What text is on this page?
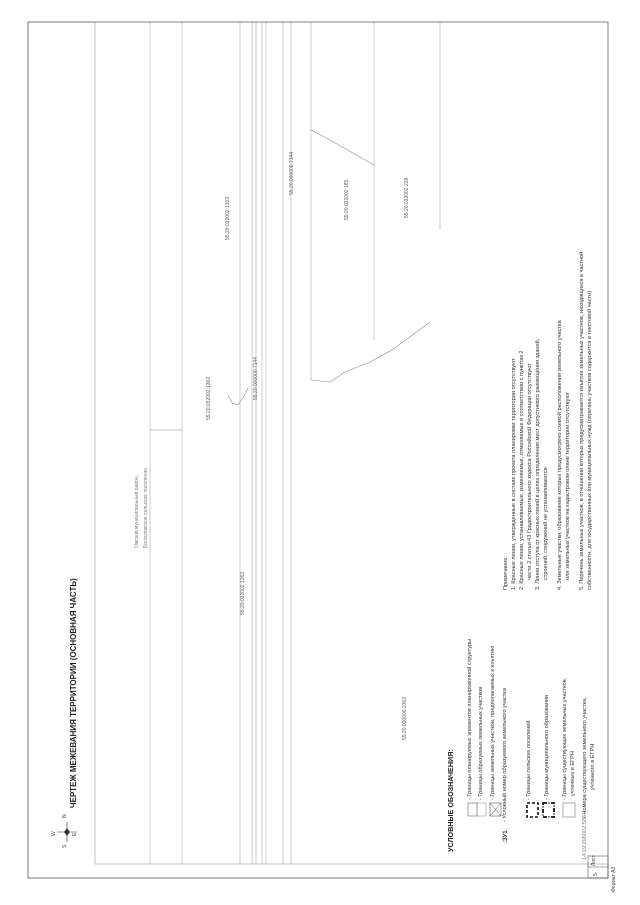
N
S
W	E
ЧЕРТЕЖ МЕЖЕВАНИЯ ТЕРРИТОРИИ (ОСНОВНАЯ ЧАСТЬ)
Омский муниципальный район, Богословское сельское поселение
55:20:000000:2302
55:20:032002:1363
55:20:032002:1362
55:20:032002:1363
55:20:000000:7144
55:20:000000:7144
55:20:032002:185	55:20:032002:228
УСЛОВНЫЕ ОБОЗНАЧЕНИЯ:
- Границы планируемых элементов планировочной структуры - Границы образуемых земельных участков - Границы земельных участков, предполагаемых к изъятию
:ЗУ1
- Условный номер образуемого земельного участка	- Границы сельских поселений - Границы муниципального образования - Границы существующих земельных участков, учтенных в ЕГРН
14:19:206002:586
- Номера существующего земельного участка, учтенного в ЕГРН
Примечание: 1. Красные линии, утвержденные в составе проекта планировки территории отсутствуют 2. Красные линии, устанавливаемые, изменяемые, отменяемые в соответствии с пунктом 2 части 2 статьи 43 Градостроительного кодекса Российской Федерации отсутствуют 3. Линии отступа от красных линий в целях определения мест допустимого размещения зданий, строений, сооружений не устанавливаются 4. Земельные участки, образование которых предусмотрено схемой расположения земельного участка или земельных участков на кадастровом плане территории отсутствуют 5. Перечень земельных участков, в отношении которых предусматривается изъятие земельных участков, находящихся в частной собственности, для государственных или муниципальных нужд (перечень участков содержится в текстовой части)
Лист
5 Формат А3
